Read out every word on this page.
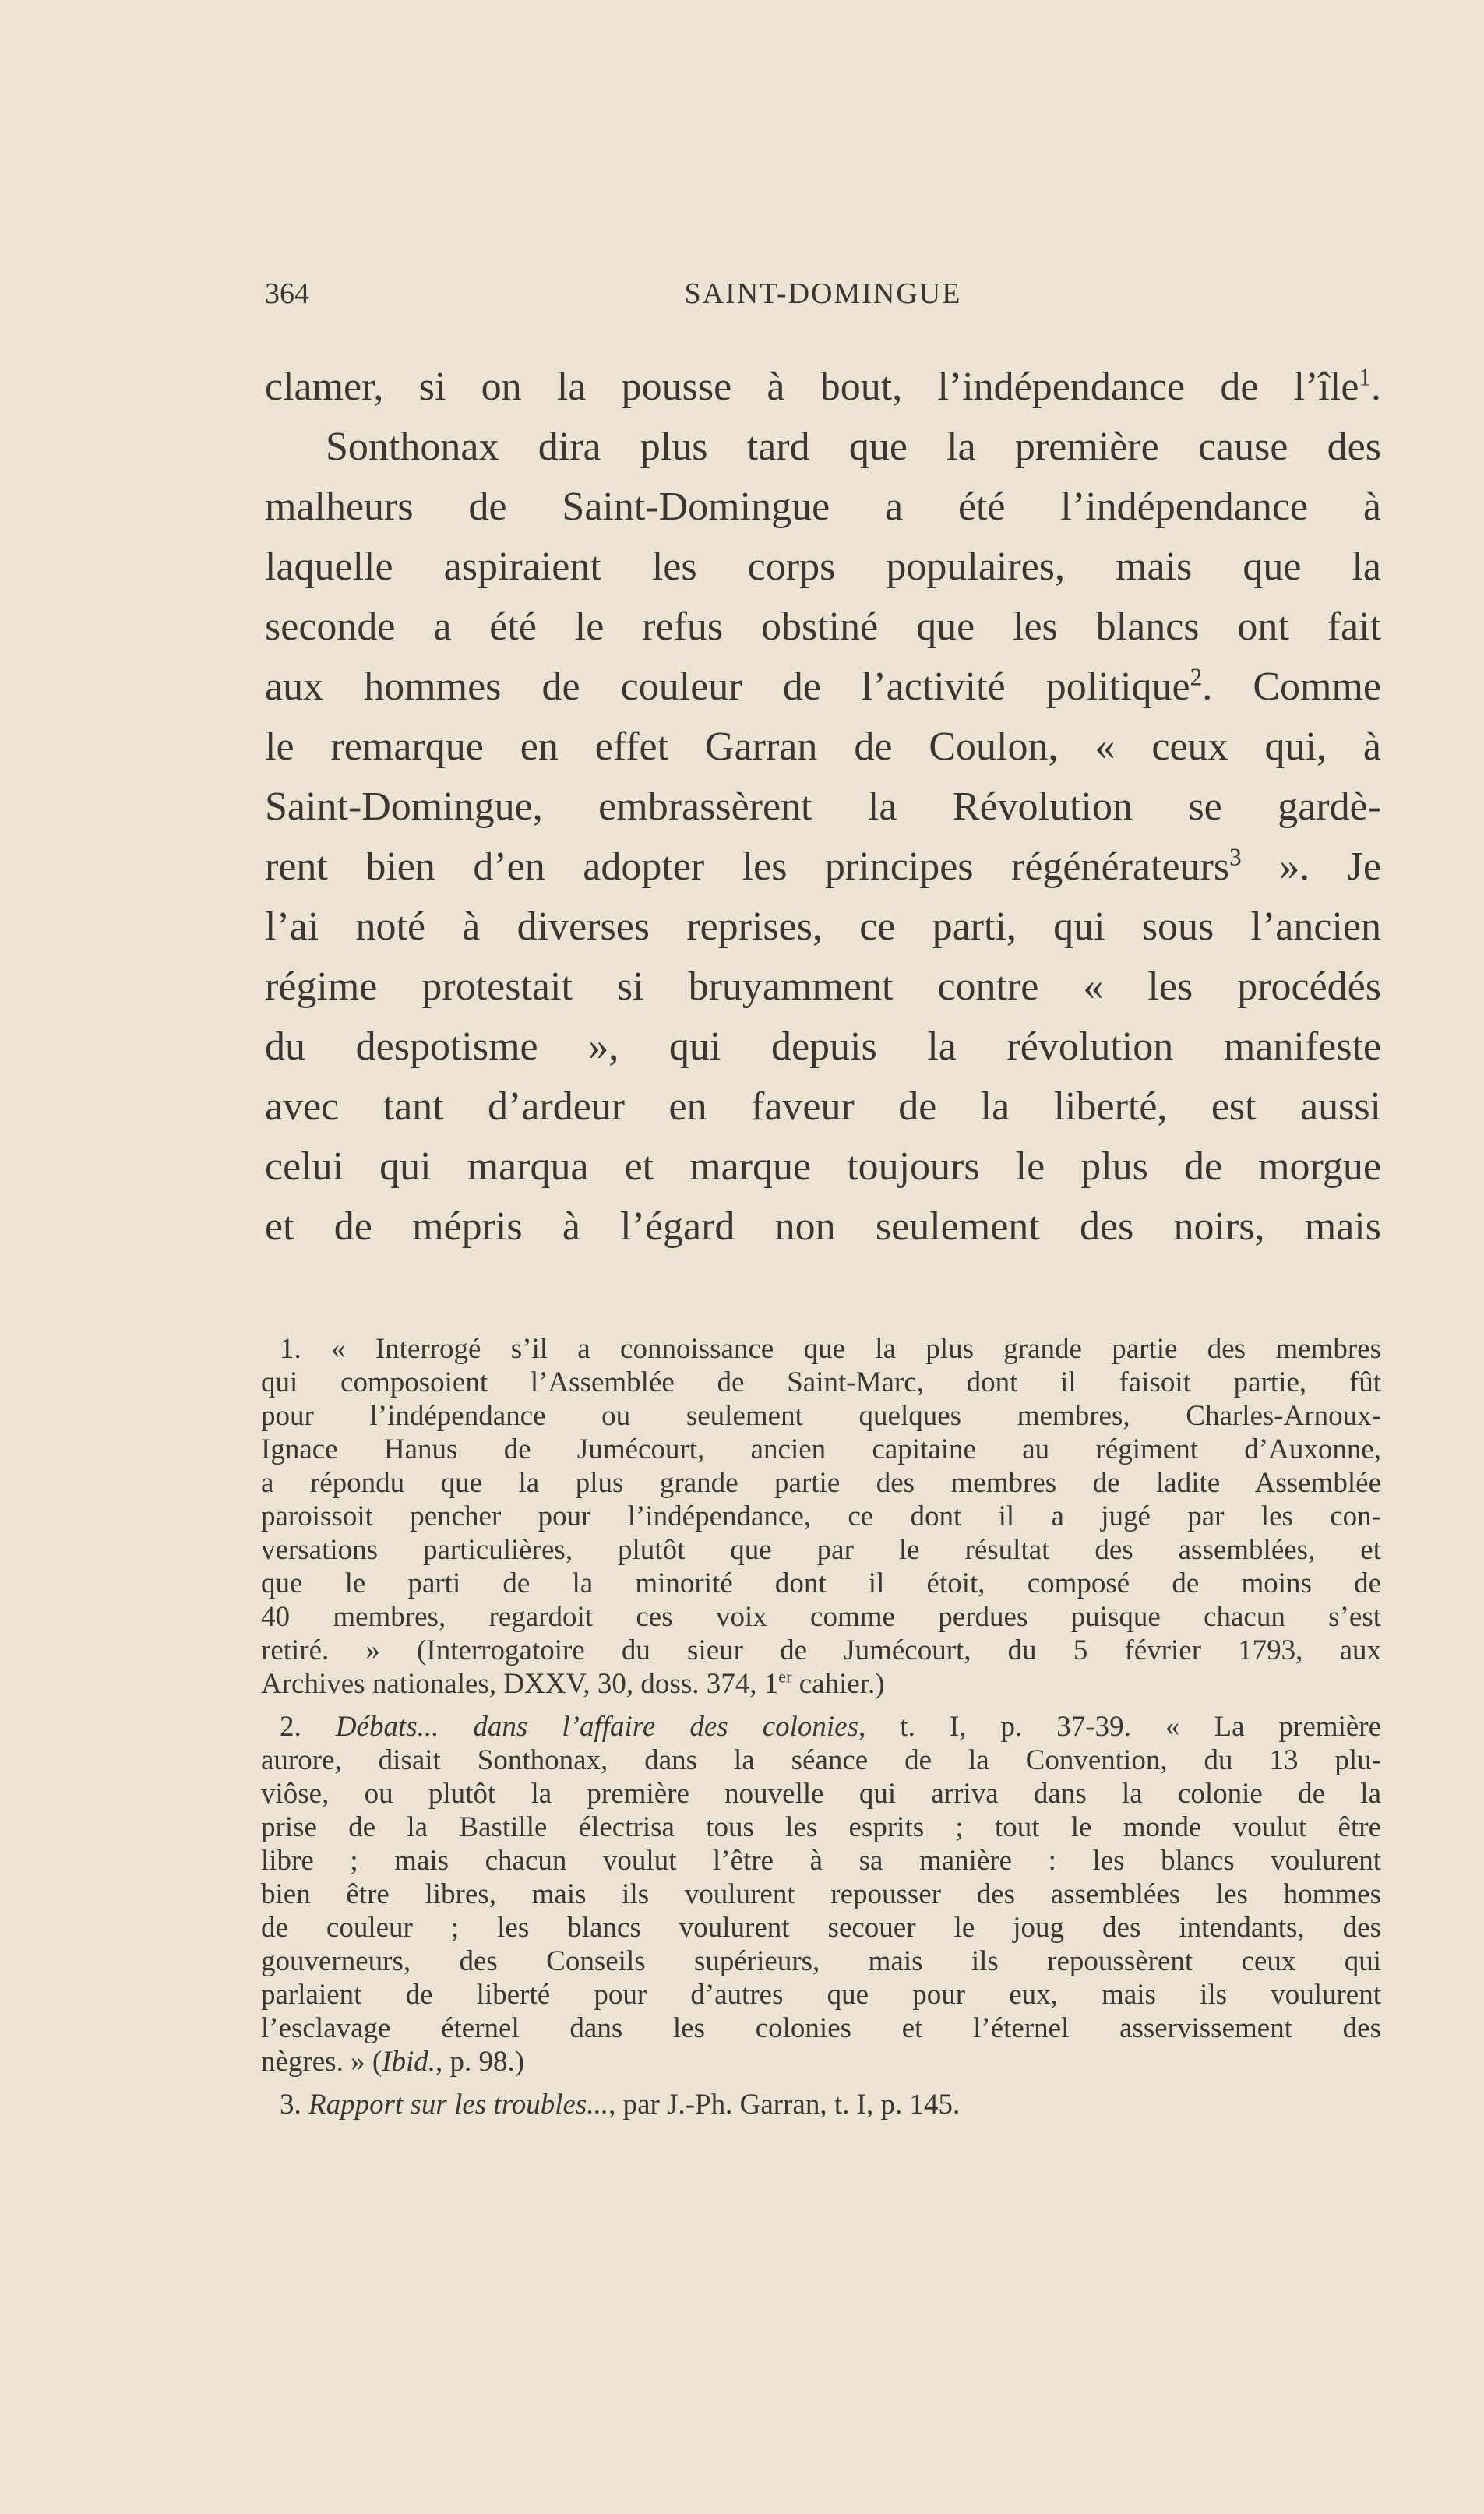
364	SAINT-DOMINGUE
clamer, si on la pousse à bout, l’indépendance de l’île$^1$.
Sonthonax dira plus tard que la première cause des
malheurs de Saint-Domingue a été l’indépendance à
laquelle aspiraient les corps populaires, mais que la
seconde a été le refus obstiné que les blancs ont fait
aux hommes de couleur de l’activité politique$^2$. Comme
le remarque en effet Garran de Coulon, « ceux qui, à
Saint-Domingue, embrassèrent la Révolution se gardè-
rent bien d’en adopter les principes régénérateurs$^3$ ». Je
l’ai noté à diverses reprises, ce parti, qui sous l’ancien
régime protestait si bruyamment contre « les procédés
du despotisme », qui depuis la révolution manifeste
avec tant d’ardeur en faveur de la liberté, est aussi
celui qui marqua et marque toujours le plus de morgue
et de mépris à l’égard non seulement des noirs, mais
1. « Interrogé s’il a connoissance que la plus grande partie des membres
qui composoient l’Assemblée de Saint-Marc, dont il faisoit partie, fût
pour l’indépendance ou seulement quelques membres, Charles-Arnoux-
Ignace Hanus de Jumécourt, ancien capitaine au régiment d’Auxonne,
a répondu que la plus grande partie des membres de ladite Assemblée
paroissoit pencher pour l’indépendance, ce dont il a jugé par les con-
versations particulières, plutôt que par le résultat des assemblées, et
que le parti de la minorité dont il étoit, composé de moins de
40 membres, regardoit ces voix comme perdues puisque chacun s’est
retiré. » (Interrogatoire du sieur de Jumécourt, du 5 février 1793, aux
Archives nationales, DXXV, 30, doss. 374, 1er cahier.)
2. Débats... dans l’affaire des colonies, t. I, p. 37-39. « La première
aurore, disait Sonthonax, dans la séance de la Convention, du 13 plu-
viôse, ou plutôt la première nouvelle qui arriva dans la colonie de la
prise de la Bastille électrisa tous les esprits ; tout le monde voulut être
libre ; mais chacun voulut l’être à sa manière : les blancs voulurent
bien être libres, mais ils voulurent repousser des assemblées les hommes
de couleur ; les blancs voulurent secouer le joug des intendants, des
gouverneurs, des Conseils supérieurs, mais ils repoussèrent ceux qui
parlaient de liberté pour d’autres que pour eux, mais ils voulurent
l’esclavage éternel dans les colonies et l’éternel asservissement des
nègres. » (Ibid., p. 98.)
3. Rapport sur les troubles..., par J.-Ph. Garran, t. I, p. 145.
